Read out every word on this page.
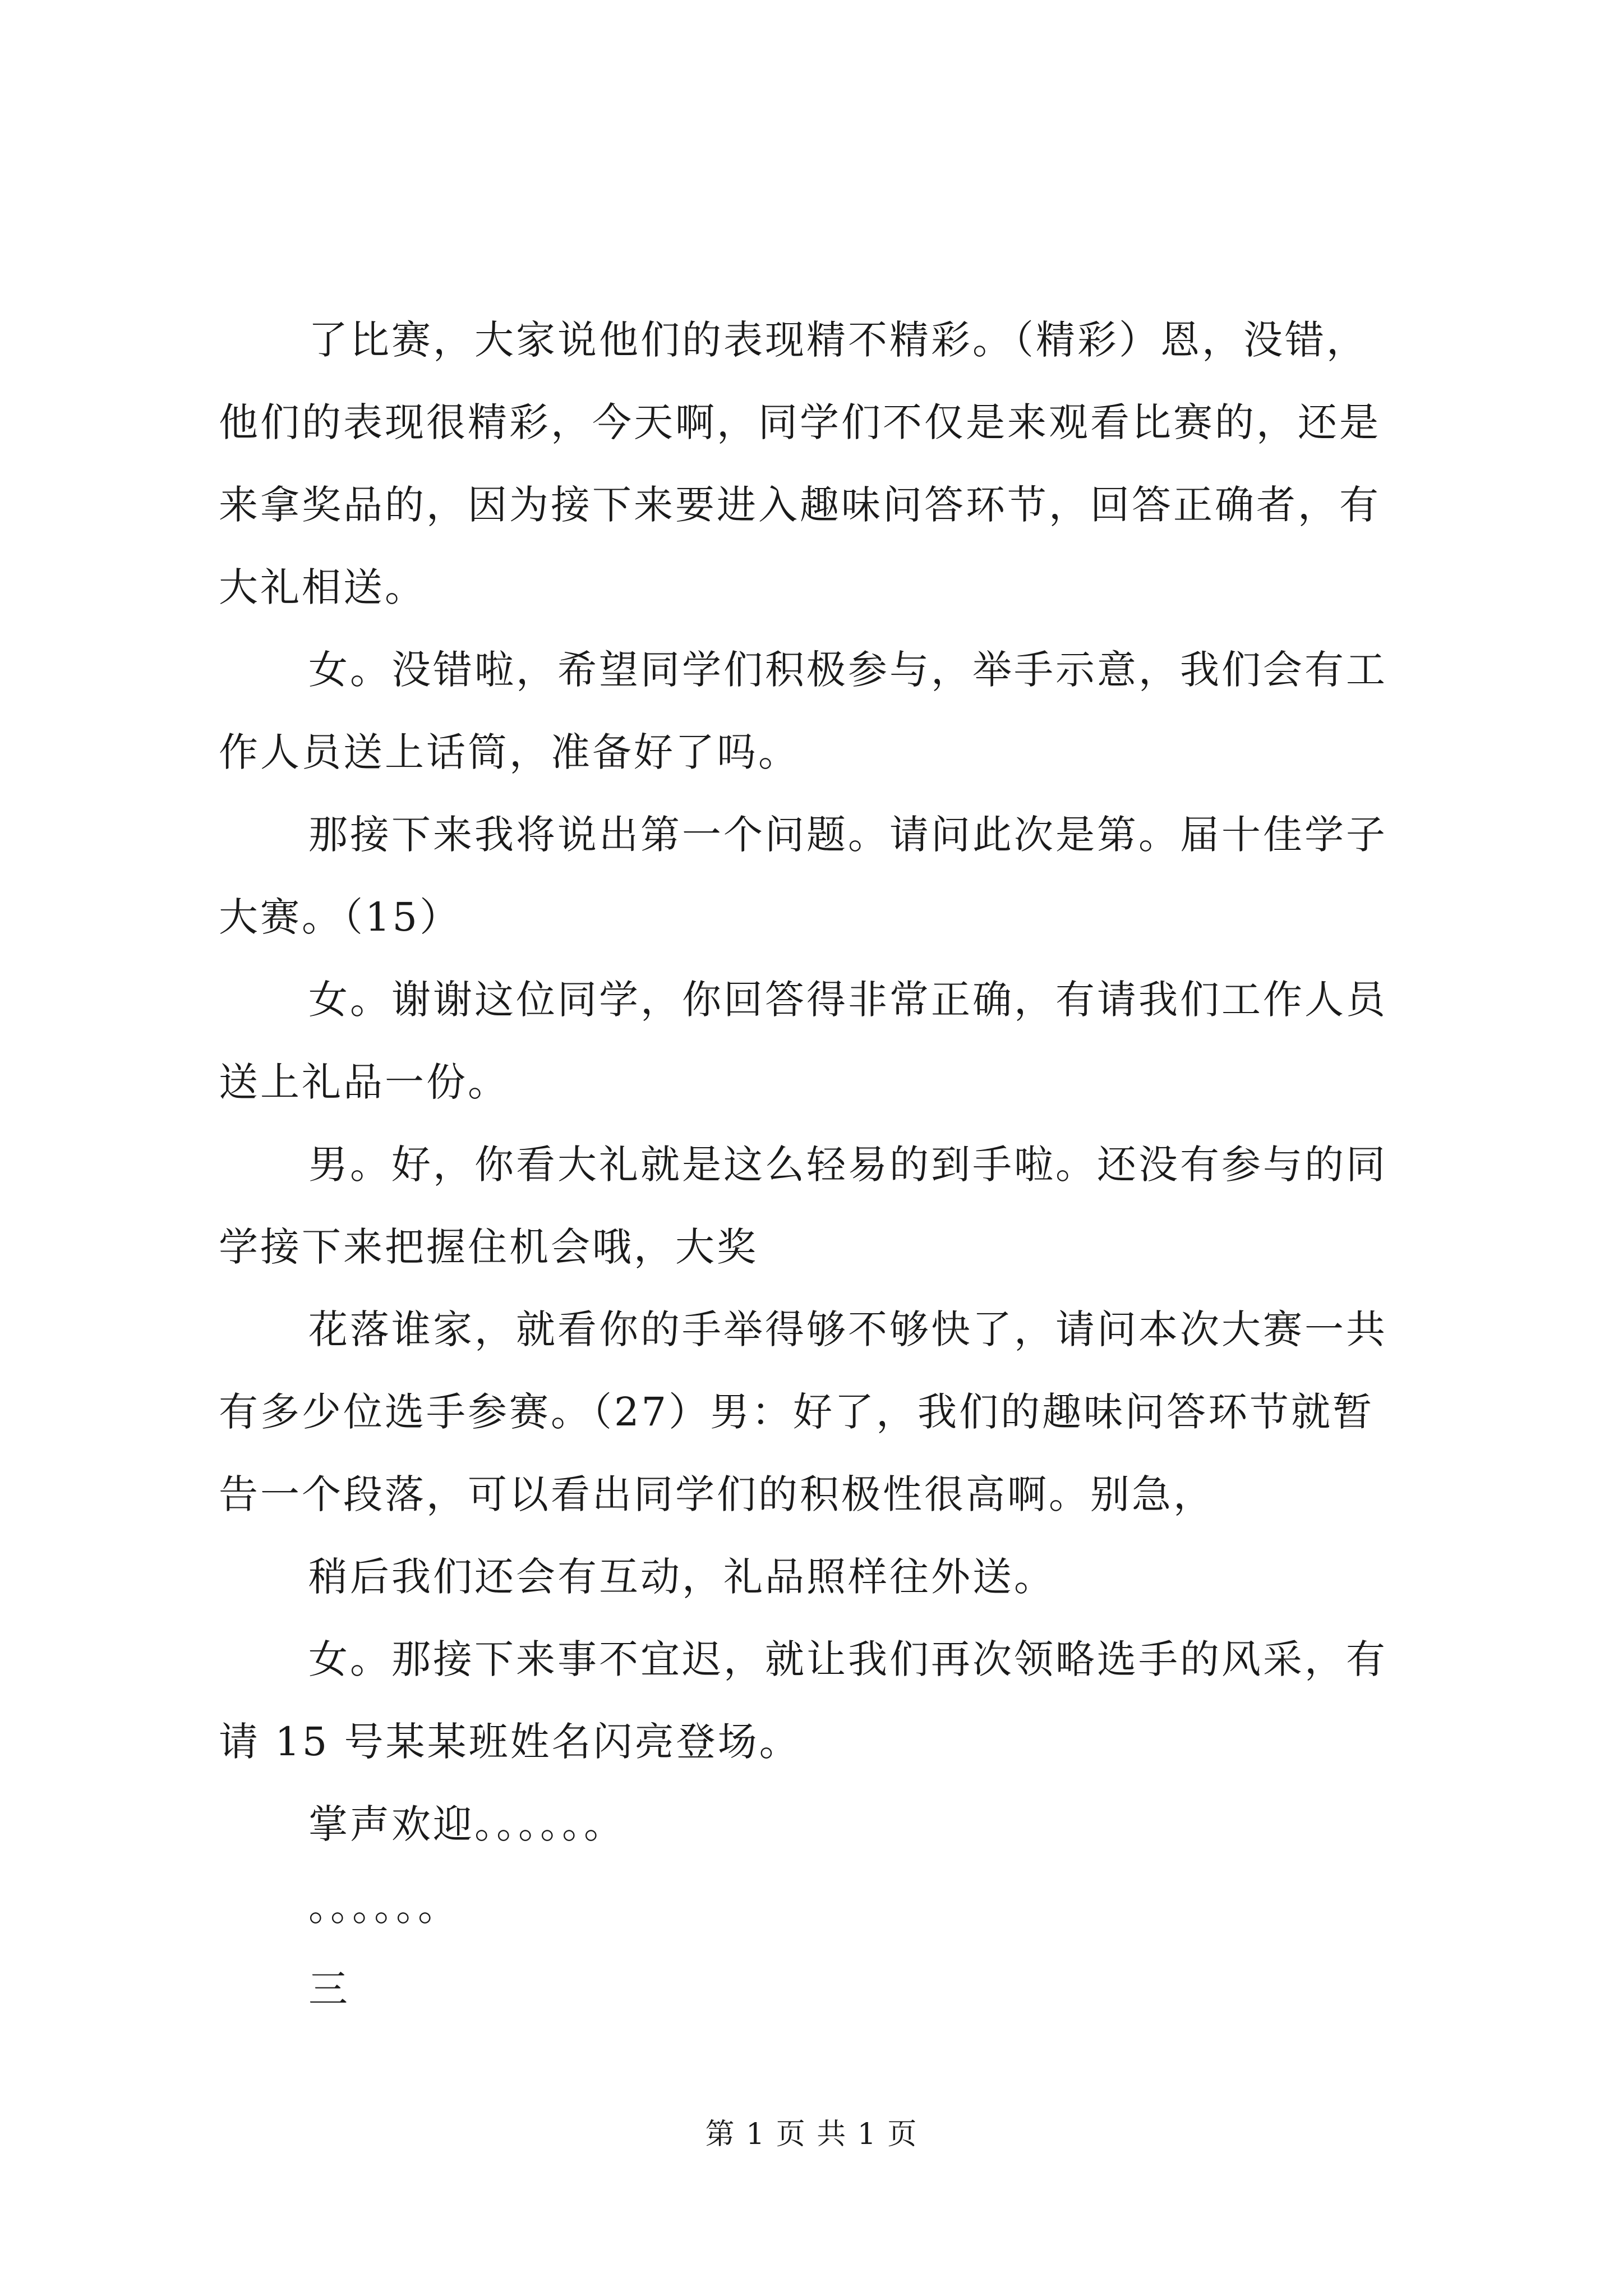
了比赛，大家说他们的表现精不精彩。（精彩）恩，没错，
他们的表现很精彩，今天啊，同学们不仅是来观看比赛的，还是
来拿奖品的，因为接下来要进入趣味问答环节，回答正确者，有
大礼相送。
女。没错啦，希望同学们积极参与，举手示意，我们会有工
作人员送上话筒，准备好了吗。
那接下来我将说出第一个问题。请问此次是第。届十佳学子
大赛。（15）
女。谢谢这位同学，你回答得非常正确，有请我们工作人员
送上礼品一份。
男。好，你看大礼就是这么轻易的到手啦。还没有参与的同
学接下来把握住机会哦，大奖
花落谁家，就看你的手举得够不够快了，请问本次大赛一共
有多少位选手参赛。（27）男：好了，我们的趣味问答环节就暂
告一个段落，可以看出同学们的积极性很高啊。别急，
稍后我们还会有互动，礼品照样往外送。
女。那接下来事不宜迟，就让我们再次领略选手的风采，有
请 15 号某某班姓名闪亮登场。
掌声欢迎。。。。。。
。。。。。。
三
第 1 页 共 1 页
